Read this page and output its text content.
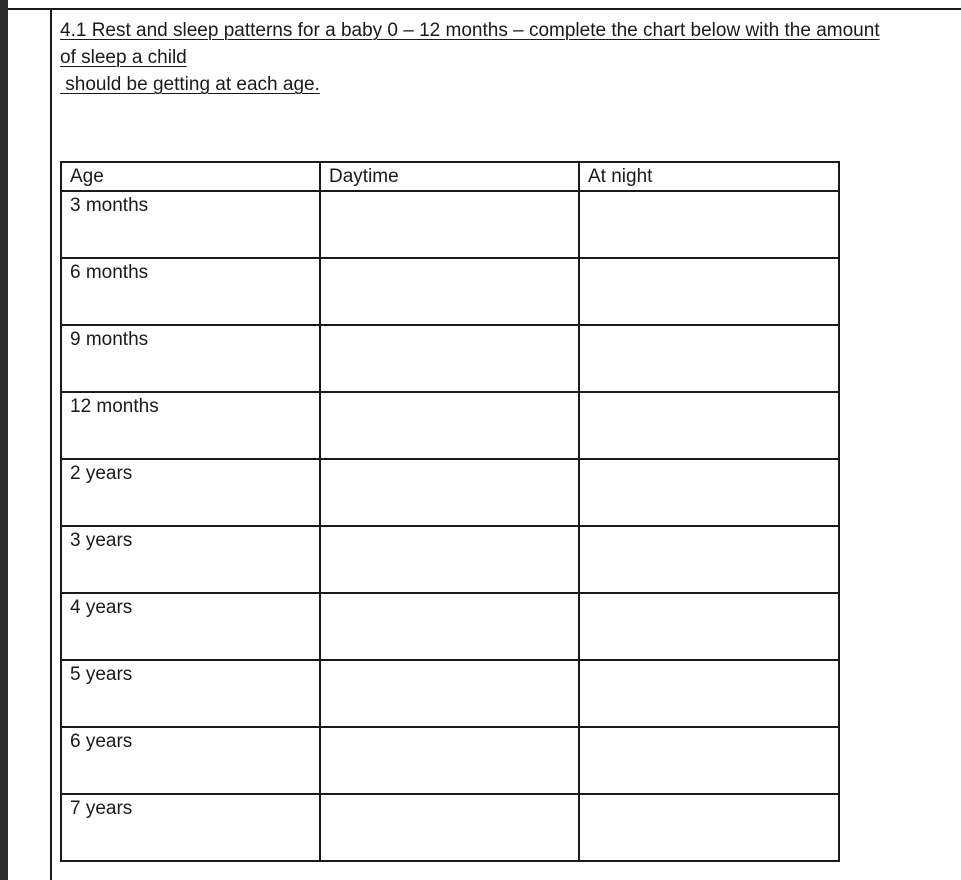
4.1 Rest and sleep patterns for a baby 0 – 12 months – complete the chart below with the amount
of sleep a child
should be getting at each age.
Age	Daytime	At night
3 months		
6 months		
9 months		
12 months		
2 years		
3 years		
4 years		
5 years		
6 years		
7 years		
